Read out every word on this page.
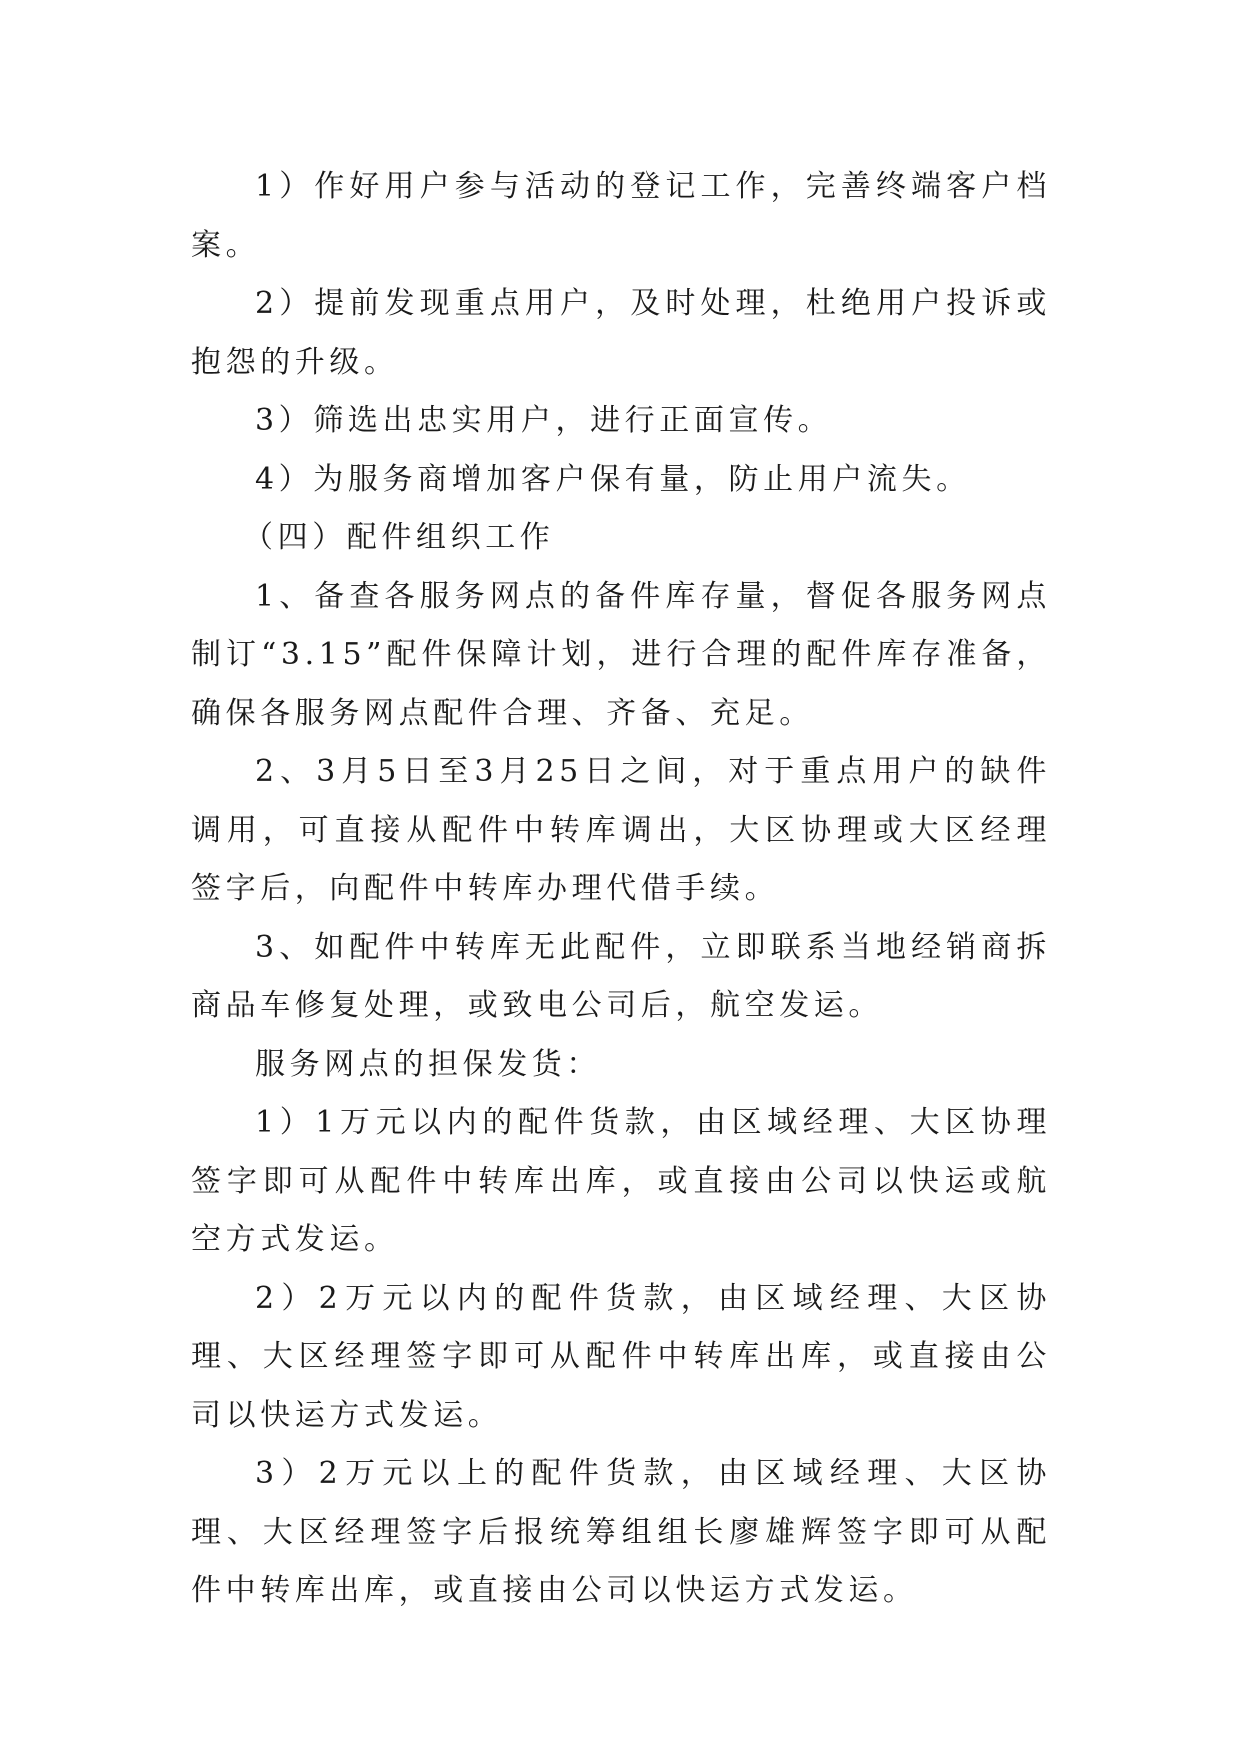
1）作好用户参与活动的登记工作，完善终端客户档案。

2）提前发现重点用户，及时处理，杜绝用户投诉或抱怨的升级。

3）筛选出忠实用户，进行正面宣传。

4）为服务商增加客户保有量，防止用户流失。

（四）配件组织工作

1、备查各服务网点的备件库存量，督促各服务网点制订“3.15”配件保障计划，进行合理的配件库存准备，确保各服务网点配件合理、齐备、充足。

2、3月5日至3月25日之间，对于重点用户的缺件调用，可直接从配件中转库调出，大区协理或大区经理签字后，向配件中转库办理代借手续。

3、如配件中转库无此配件，立即联系当地经销商拆商品车修复处理，或致电公司后，航空发运。

服务网点的担保发货：

1）1万元以内的配件货款，由区域经理、大区协理签字即可从配件中转库出库，或直接由公司以快运或航空方式发运。

2）2万元以内的配件货款，由区域经理、大区协理、大区经理签字即可从配件中转库出库，或直接由公司以快运方式发运。

3）2万元以上的配件货款，由区域经理、大区协理、大区经理签字后报统筹组组长廖雄辉签字即可从配件中转库出库，或直接由公司以快运方式发运。
